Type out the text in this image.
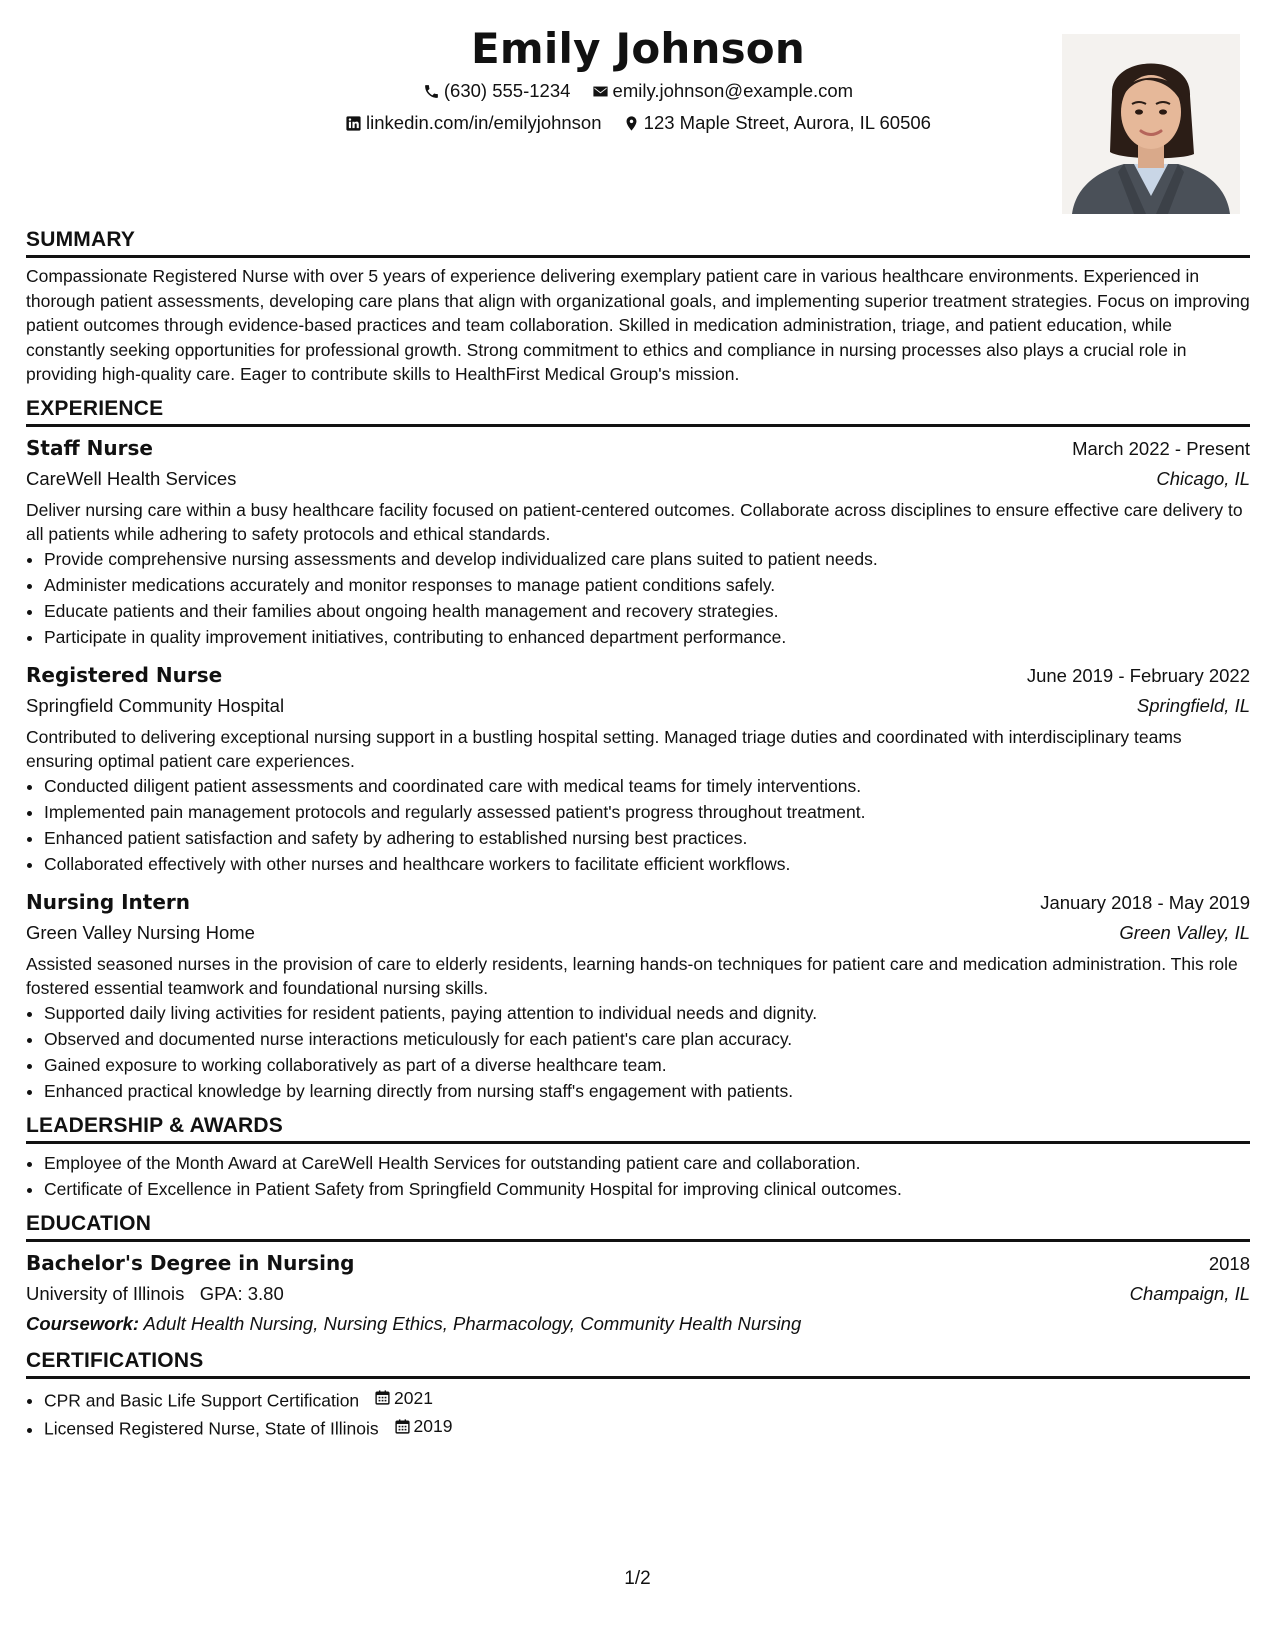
Emily Johnson
(630) 555-1234
emily.johnson@example.com
linkedin.com/in/emilyjohnson
123 Maple Street, Aurora, IL 60506
SUMMARY

Compassionate Registered Nurse with over 5 years of experience delivering exemplary patient care in various healthcare environments. Experienced in thorough patient assessments, developing care plans that align with organizational goals, and implementing superior treatment strategies. Focus on improving patient outcomes through evidence-based practices and team collaboration. Skilled in medication administration, triage, and patient education, while constantly seeking opportunities for professional growth. Strong commitment to ethics and compliance in nursing processes also plays a crucial role in providing high-quality care. Eager to contribute skills to HealthFirst Medical Group's mission.

EXPERIENCE
Staff Nurse	March 2022 - Present
CareWell Health Services	Chicago, IL
Deliver nursing care within a busy healthcare facility focused on patient-centered outcomes. Collaborate across disciplines to ensure effective care delivery to all patients while adhering to safety protocols and ethical standards.
• Provide comprehensive nursing assessments and develop individualized care plans suited to patient needs.
• Administer medications accurately and monitor responses to manage patient conditions safely.
• Educate patients and their families about ongoing health management and recovery strategies.
• Participate in quality improvement initiatives, contributing to enhanced department performance.
Registered Nurse	June 2019 - February 2022
Springfield Community Hospital	Springfield, IL
Contributed to delivering exceptional nursing support in a bustling hospital setting. Managed triage duties and coordinated with interdisciplinary teams ensuring optimal patient care experiences.
• Conducted diligent patient assessments and coordinated care with medical teams for timely interventions.
• Implemented pain management protocols and regularly assessed patient's progress throughout treatment.
• Enhanced patient satisfaction and safety by adhering to established nursing best practices.
• Collaborated effectively with other nurses and healthcare workers to facilitate efficient workflows.
Nursing Intern	January 2018 - May 2019
Green Valley Nursing Home	Green Valley, IL
Assisted seasoned nurses in the provision of care to elderly residents, learning hands-on techniques for patient care and medication administration. This role fostered essential teamwork and foundational nursing skills.
• Supported daily living activities for resident patients, paying attention to individual needs and dignity.
• Observed and documented nurse interactions meticulously for each patient's care plan accuracy.
• Gained exposure to working collaboratively as part of a diverse healthcare team.
• Enhanced practical knowledge by learning directly from nursing staff's engagement with patients.
LEADERSHIP & AWARDS
• Employee of the Month Award at CareWell Health Services for outstanding patient care and collaboration.
• Certificate of Excellence in Patient Safety from Springfield Community Hospital for improving clinical outcomes.
EDUCATION
Bachelor's Degree in Nursing	2018
University of Illinois GPA: 3.80	Champaign, IL
Coursework: Adult Health Nursing, Nursing Ethics, Pharmacology, Community Health Nursing
CERTIFICATIONS
• CPR and Basic Life Support Certification 2021
• Licensed Registered Nurse, State of Illinois 2019
1/2
